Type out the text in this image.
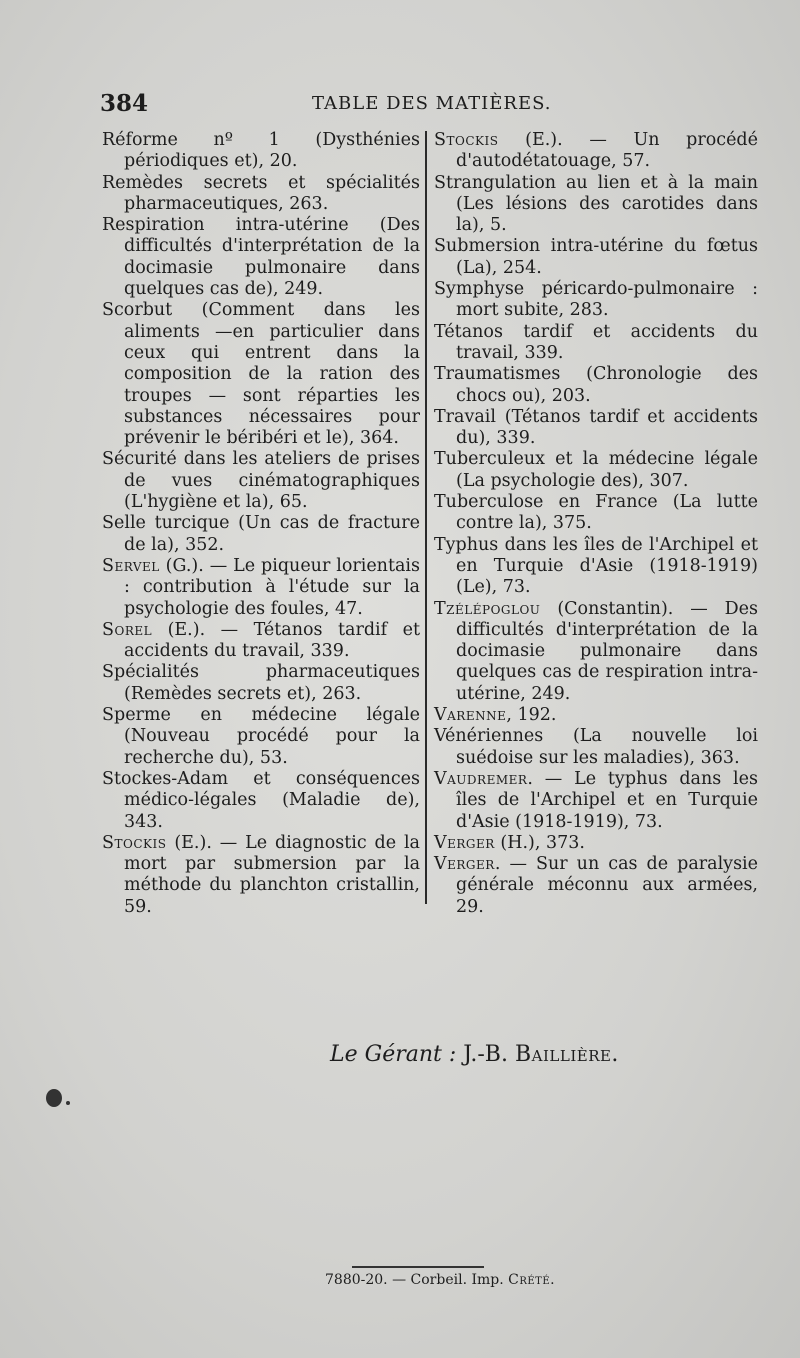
384	TABLE DES MATIÈRES.

Réforme nº 1 (Dysthénies périodiques et), 20.

Remèdes secrets et spécialités pharmaceutiques, 263.

Respiration intra-utérine (Des difficultés d'interprétation de la docimasie pulmonaire dans quelques cas de), 249.

Scorbut (Comment dans les aliments —en particulier dans ceux qui entrent dans la composition de la ration des troupes — sont réparties les substances nécessaires pour prévenir le béribéri et le), 364.

Sécurité dans les ateliers de prises de vues cinématographiques (L'hygiène et la), 65.

Selle turcique (Un cas de fracture de la), 352.

Servel (G.). — Le piqueur lorientais : contribution à l'étude sur la psychologie des foules, 47.

Sorel (E.). — Tétanos tardif et accidents du travail, 339.

Spécialités pharmaceutiques (Remèdes secrets et), 263.

Sperme en médecine légale (Nouveau procédé pour la recherche du), 53.

Stockes-Adam et conséquences médico-légales (Maladie de), 343.

Stockis (E.). — Le diagnostic de la mort par submersion par la méthode du planchton cristallin, 59.

Stockis (E.). — Un procédé d'autodétatouage, 57.

Strangulation au lien et à la main (Les lésions des carotides dans la), 5.

Submersion intra-utérine du fœtus (La), 254.

Symphyse péricardo-pulmonaire : mort subite, 283.

Tétanos tardif et accidents du travail, 339.

Traumatismes (Chronologie des chocs ou), 203.

Travail (Tétanos tardif et accidents du), 339.

Tuberculeux et la médecine légale (La psychologie des), 307.

Tuberculose en France (La lutte contre la), 375.

Typhus dans les îles de l'Archipel et en Turquie d'Asie (1918-1919) (Le), 73.

Tzélépoglou (Constantin). — Des difficultés d'interprétation de la docimasie pulmonaire dans quelques cas de respiration intra-utérine, 249.

Varenne, 192.

Vénériennes (La nouvelle loi suédoise sur les maladies), 363.

Vaudremer. — Le typhus dans les îles de l'Archipel et en Turquie d'Asie (1918-1919), 73.

Verger (H.), 373.

Verger. — Sur un cas de paralysie générale méconnu aux armées, 29.

Le Gérant : J.-B. Baillière.
7880-20. — Corbeil. Imp. Crété.
